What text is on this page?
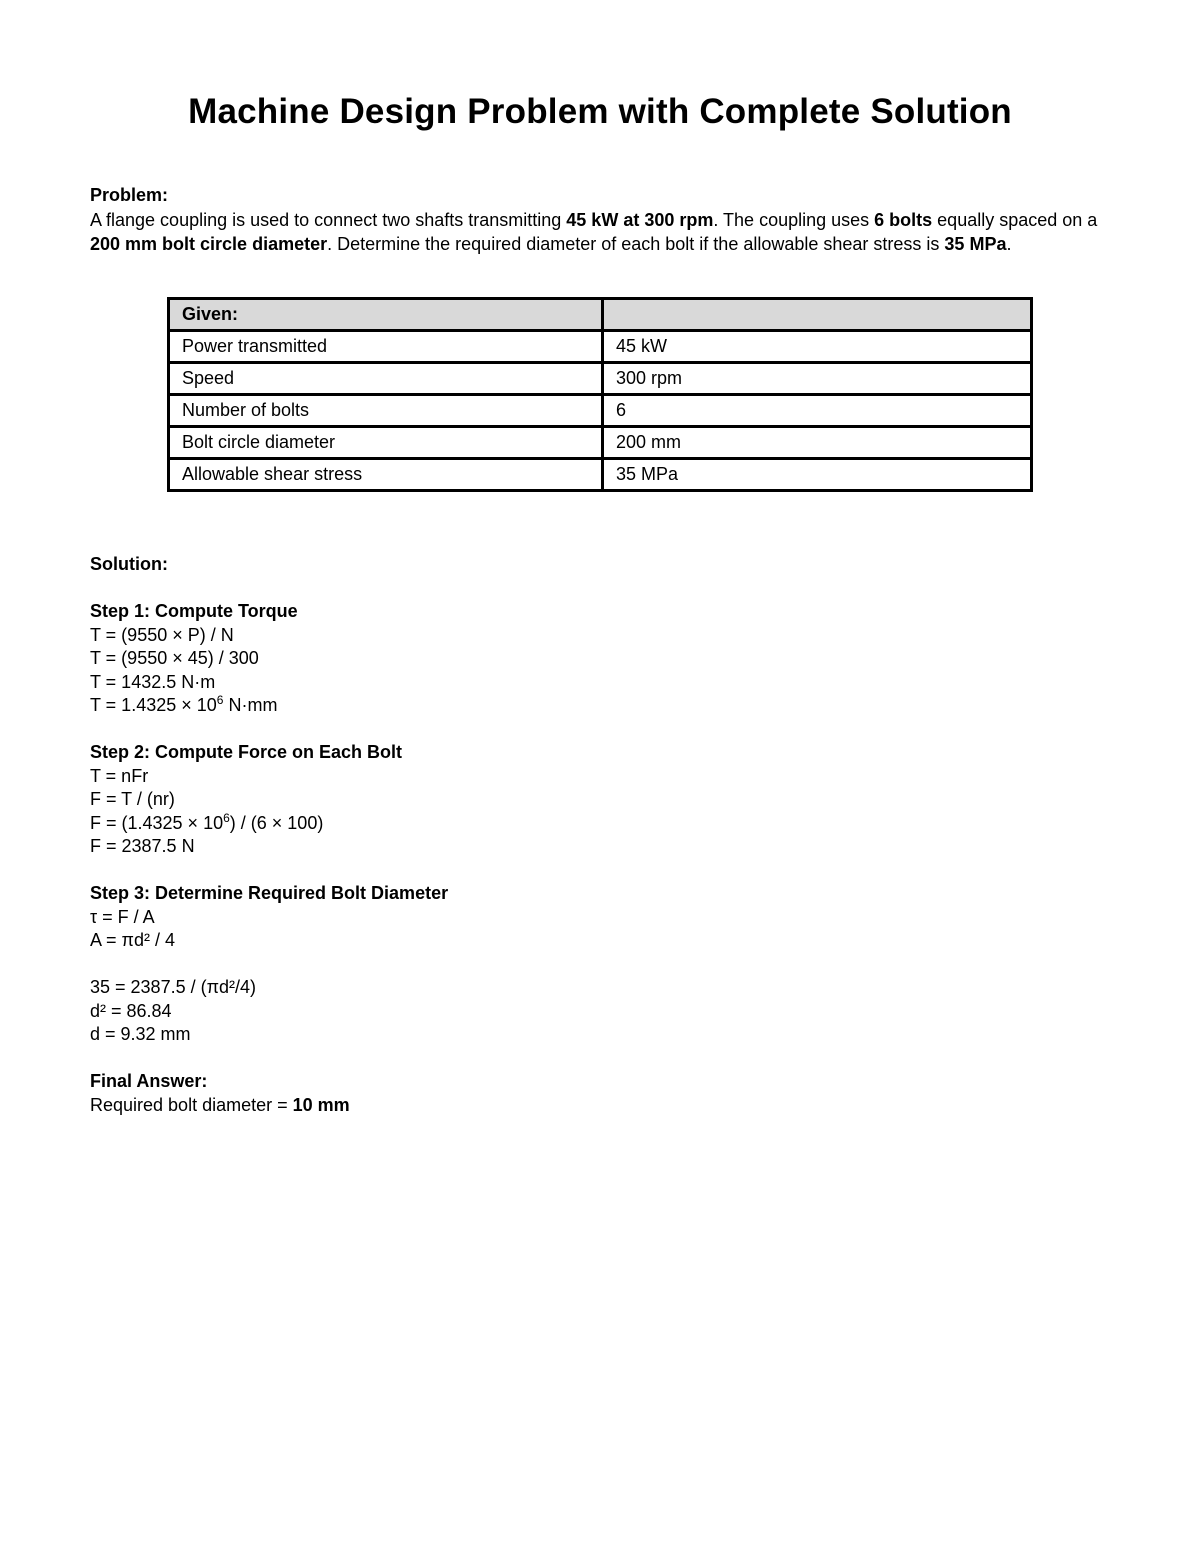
Machine Design Problem with Complete Solution
Problem:
A flange coupling is used to connect two shafts transmitting 45 kW at 300 rpm. The coupling uses 6 bolts equally spaced on a 200 mm bolt circle diameter. Determine the required diameter of each bolt if the allowable shear stress is 35 MPa.
Given:	
Power transmitted	45 kW
Speed	300 rpm
Number of bolts	6
Bolt circle diameter	200 mm
Allowable shear stress	35 MPa
Solution:
Step 1: Compute Torque
T = (9550 × P) / N
T = (9550 × 45) / 300
T = 1432.5 N·m
$T = 1.4325 \times 10^6$ N·mm
Step 2: Compute Force on Each Bolt
T = nFr
F = T / (nr)
$F = (1.4325 \times 10^6) / (6 \times 100)$
F = 2387.5 N
Step 3: Determine Required Bolt Diameter
τ = F / A
A = πd² / 4
35 = 2387.5 / (πd²/4)
d² = 86.84
d = 9.32 mm
Final Answer:
Required bolt diameter = 10 mm
